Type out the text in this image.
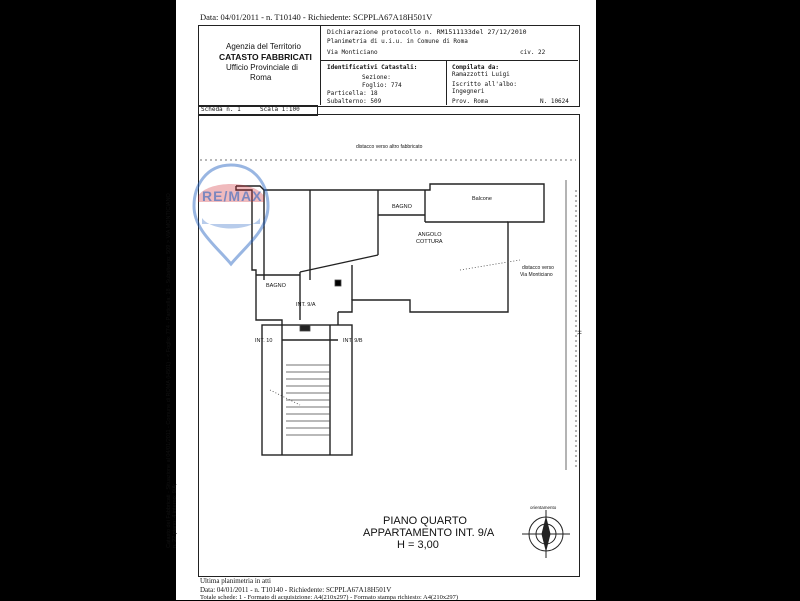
Data: 04/01/2011 - n. T10140 - Richiedente: SCPPLA67A18H501V
Agenzia del Territorio
CATASTO FABBRICATI
Ufficio Provinciale di
Roma
Dichiarazione protocollo n. RM1511133del 27/12/2010
Planimetria di u.i.u. in Comune di Roma
Via Monticiano	civ. 22
Identificativi Catastali:
Sezione:
Foglio: 774
Particella: 18
Subalterno: 509
Compilata da:
Ramazzotti Luigi
Iscritto all'albo:
Ingegneri
Prov. Roma	N. 10624
Scheda n. 1	Scala 1:100
RE/MAX
distacco verso altro fabbricato
BAGNO
Balcone
ANGOLO
COTTURA
BAGNO
INT. 9/A
INT. 10	INT. 9/B
distacco verso
Via Monticiano
H.
Catasto dei Fabbricati - Situazione al 04/01/2011 - Comune di ROMA (H501) - < Foglio: 774 - Particella: 18 - Subalterno: 509 > VIA MONTICIANO n. 22 piano: 4 interno: 9/A;	orientamento
PIANO QUARTO
APPARTAMENTO INT. 9/A
H = 3,00
Ultima planimetria in atti
Data: 04/01/2011 - n. T10140 - Richiedente: SCPPLA67A18H501V
Totale schede: 1 - Formato di acquisizione: A4(210x297) - Formato stampa richiesto: A4(210x297)
